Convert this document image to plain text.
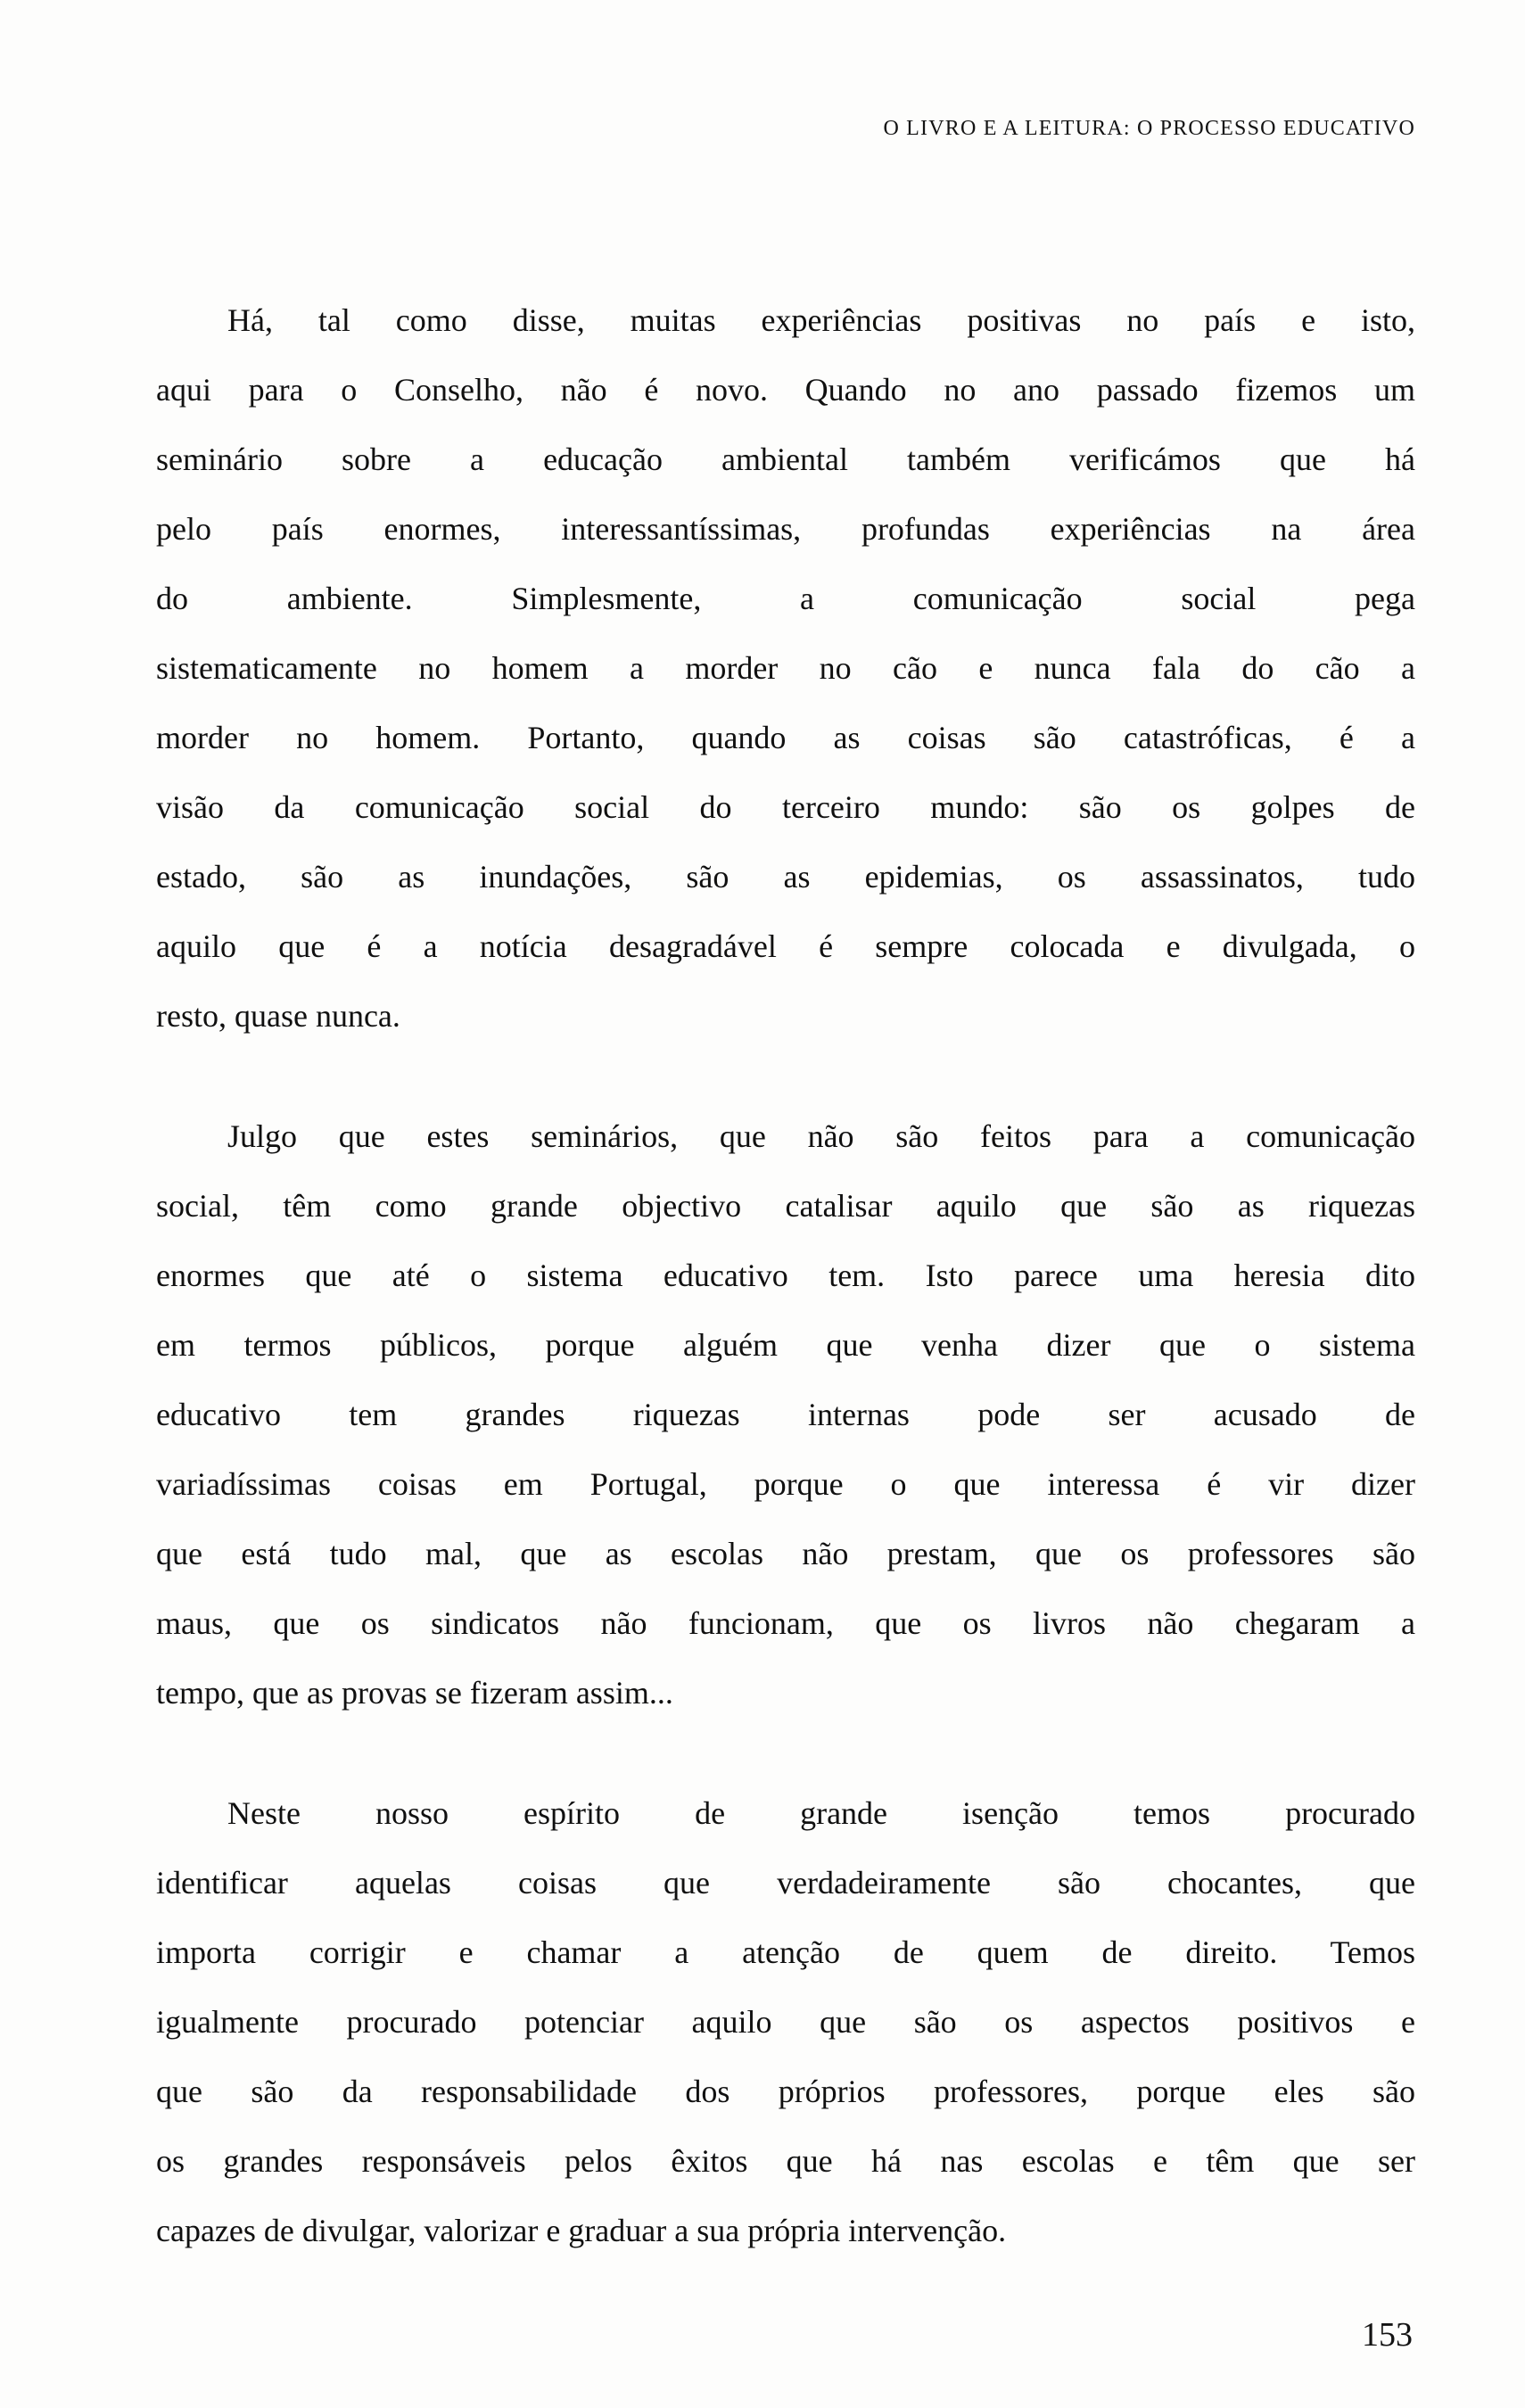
O LIVRO E A LEITURA: O PROCESSO EDUCATIVO

Há, tal como disse, muitas experiências positivas no país e isto,
aqui para o Conselho, não é novo. Quando no ano passado fizemos um
seminário sobre a educação ambiental também verificámos que há
pelo país enormes, interessantíssimas, profundas experiências na área
do ambiente. Simplesmente, a comunicação social pega
sistematicamente no homem a morder no cão e nunca fala do cão a
morder no homem. Portanto, quando as coisas são catastróficas, é a
visão da comunicação social do terceiro mundo: são os golpes de
estado, são as inundações, são as epidemias, os assassinatos, tudo
aquilo que é a notícia desagradável é sempre colocada e divulgada, o
resto, quase nunca.

Julgo que estes seminários, que não são feitos para a comunicação
social, têm como grande objectivo catalisar aquilo que são as riquezas
enormes que até o sistema educativo tem. Isto parece uma heresia dito
em termos públicos, porque alguém que venha dizer que o sistema
educativo tem grandes riquezas internas pode ser acusado de
variadíssimas coisas em Portugal, porque o que interessa é vir dizer
que está tudo mal, que as escolas não prestam, que os professores são
maus, que os sindicatos não funcionam, que os livros não chegaram a
tempo, que as provas se fizeram assim...

Neste nosso espírito de grande isenção temos procurado
identificar aquelas coisas que verdadeiramente são chocantes, que
importa corrigir e chamar a atenção de quem de direito. Temos
igualmente procurado potenciar aquilo que são os aspectos positivos e
que são da responsabilidade dos próprios professores, porque eles são
os grandes responsáveis pelos êxitos que há nas escolas e têm que ser
capazes de divulgar, valorizar e graduar a sua própria intervenção.

153
